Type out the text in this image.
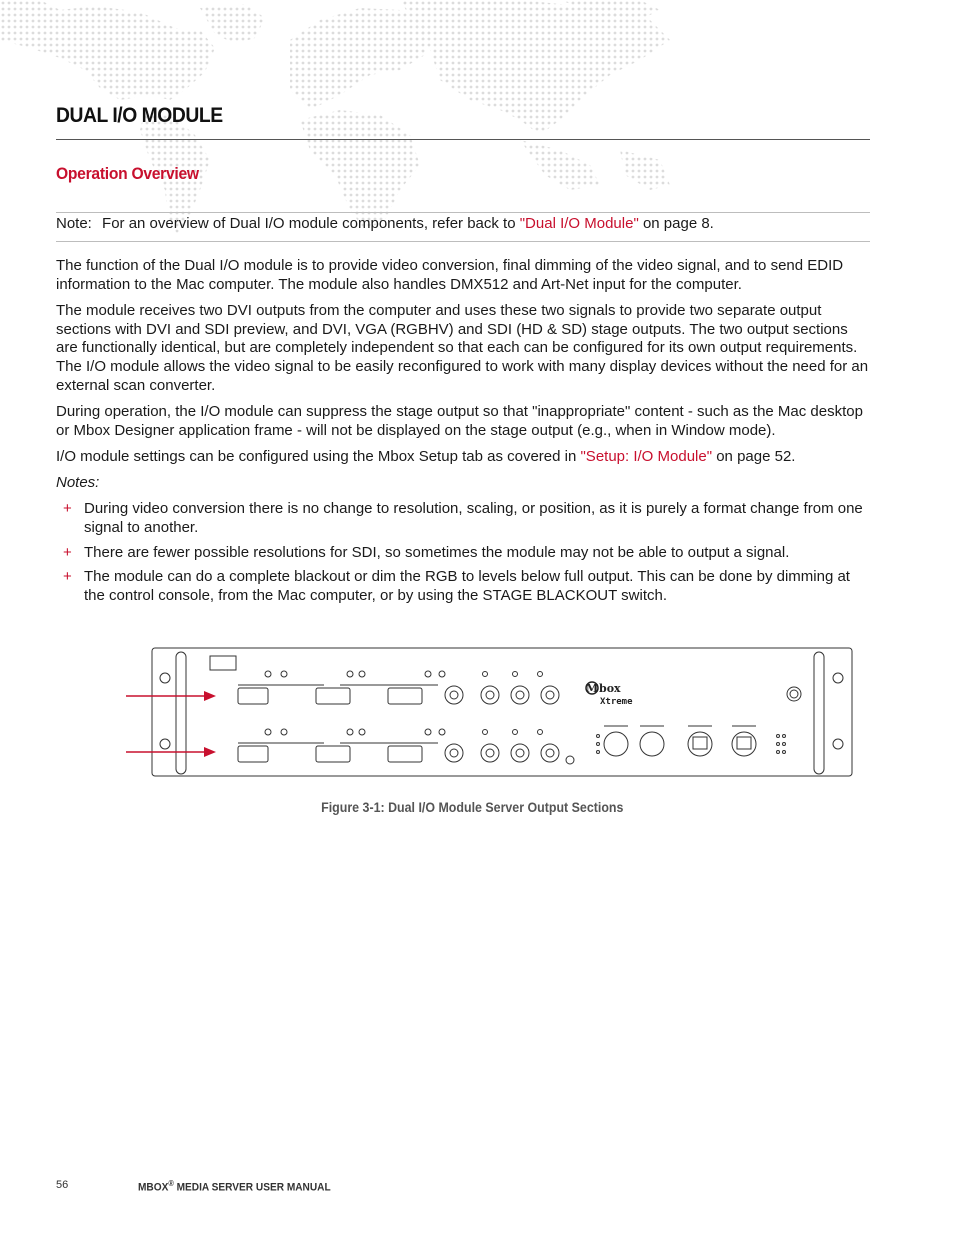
DUAL I/O MODULE
Operation Overview
Note: For an overview of Dual I/O module components, refer back to "Dual I/O Module" on page 8.

The function of the Dual I/O module is to provide video conversion, final dimming of the video signal, and to send EDID information to the Mac computer. The module also handles DMX512 and Art-Net input for the computer.

The module receives two DVI outputs from the computer and uses these two signals to provide two separate output sections with DVI and SDI preview, and DVI, VGA (RGBHV) and SDI (HD & SD) stage outputs. The two output sections are functionally identical, but are completely independent so that each can be configured for its own output requirements. The I/O module allows the video signal to be easily reconfigured to work with many display devices without the need for an external scan converter.

During operation, the I/O module can suppress the stage output so that "inappropriate" content - such as the Mac desktop or Mbox Designer application frame - will not be displayed on the stage output (e.g., when in Window mode).

I/O module settings can be configured using the Mbox Setup tab as covered in "Setup: I/O Module" on page 52.

Notes:

+ During video conversion there is no change to resolution, scaling, or position, as it is purely a format change from one signal to another.
+ There are fewer possible resolutions for SDI, so sometimes the module may not be able to output a signal.
+ The module can do a complete blackout or dim the RGB to levels below full output. This can be done by dimming at the control console, from the Mac computer, or by using the STAGE BLACKOUT switch.
M box
Xtreme
Figure 3-1: Dual I/O Module Server Output Sections
56	MBOX® MEDIA SERVER USER MANUAL
